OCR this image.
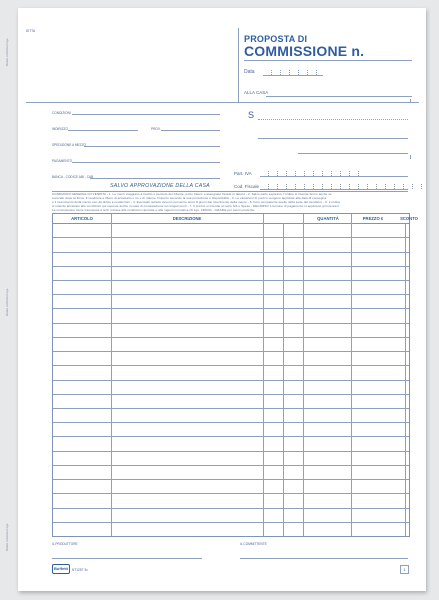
Modulo conforme D.Lgs.
Modulo conforme D.Lgs.
Modulo conforme D.Lgs.
DITTA
PROPOSTA DI
COMMISSIONE n.
Data
ALLA CASA
CONDIZIONI
INDIRIZZO	PROV.
SPEDIZIONE A MEZZO
PAGAMENTO
BANCA - CODICE ABI - CAB
SALVO APPROVAZIONE DELLA CASA
S
Part. IVA
Cod. Fiscale
CONDIZIONI GENERALI DI VENDITA - 1. Le merci viaggiano a rischio e pericolo del Cliente, porto franco o assegnato fissato in fattura - 2. Salvo patto espresso, l'ordine si intende fermo anche se
revocato dopo la firma. Il venditore è libero di accettarlo o no e di ridurne l'importo secondo la sua produzione e disponibilità - 3. Le variazioni di prezzo vengono applicate alla data di consegna.
e il ricevimento della merce non dà diritto a restituzioni - 4. Eventuali reclami devono pervenire entro 8 giorni dal ricevimento della merce - 5. Foro competente quello della sede del venditore - 6. L'ordine
si intende accettato alle condizioni qui esposte anche in caso di contestazione sui singoli punti - 7. Il prezzo si intende al netto IVA e Spese - DECORSO il termine di pagamento si applicano gli interessi.
La commissione viene trasmessa a terzi in base alle condizioni riportate e alle vigenti normative (D.Lgs. 196/03) - GRAZIE per averci preferito.
ARTICOLO	DESCRIZIONE	QUANTITÀ	PREZZO €	SCONTO
IL PRODUTTORE	IL COMMITTENTE
Buffetti	NT125T 3x	1
